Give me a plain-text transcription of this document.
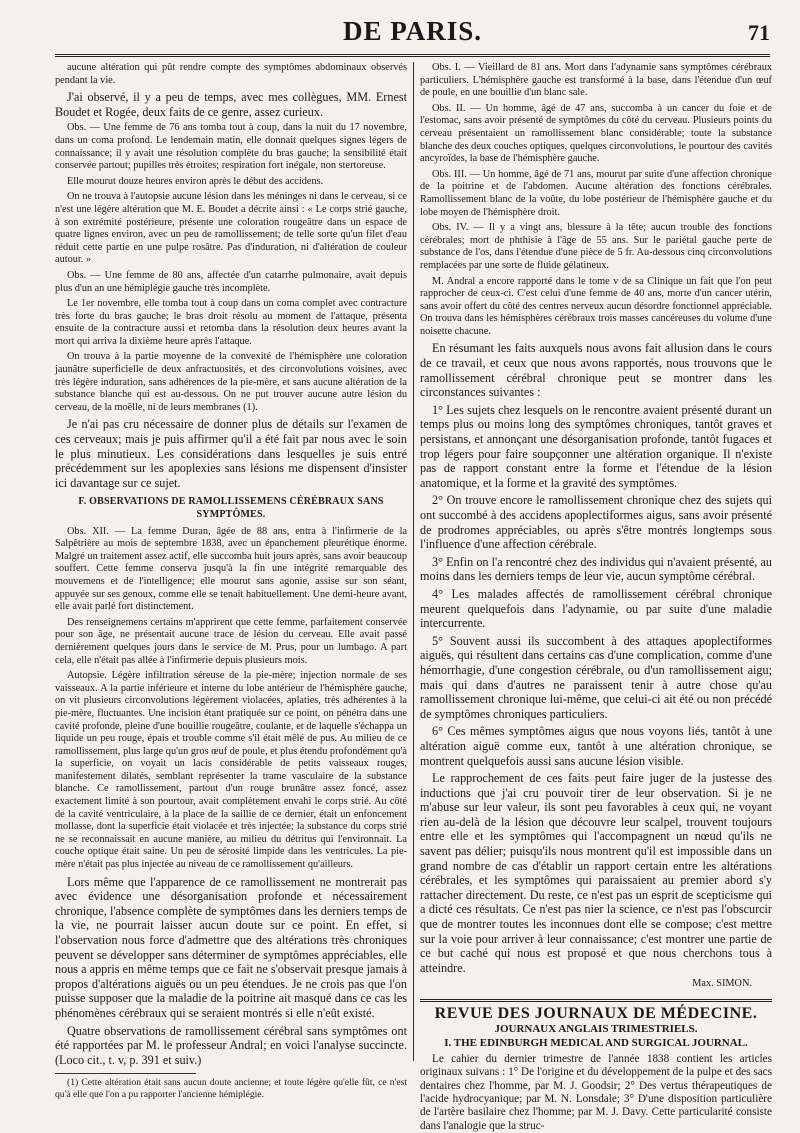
DE PARIS.	71

aucune altération qui pût rendre compte des symptômes abdominaux observés pendant la vie.

J'ai observé, il y a peu de temps, avec mes collègues, MM. Ernest Boudet et Rogée, deux faits de ce genre, assez curieux.

Obs. — Une femme de 76 ans tomba tout à coup, dans la nuit du 17 novembre, dans un coma profond. Le lendemain matin, elle donnait quelques signes légers de connaissance; il y avait une résolution complète du bras gauche; la sensibilité était conservée partout; pupilles très étroites; respiration fort inégale, non stertoreuse.

Elle mourut douze heures environ après le début des accidens.

On ne trouva à l'autopsie aucune lésion dans les méninges ni dans le cerveau, si ce n'est une légère altération que M. E. Boudet a décrite ainsi : « Le corps strié gauche, à son extrémité postérieure, présente une coloration rougeâtre dans un espace de quatre lignes environ, avec un peu de ramollissement; de telle sorte qu'un filet d'eau réduit cette partie en une pulpe rosâtre. Pas d'induration, ni d'altération de couleur autour. »

Obs. — Une femme de 80 ans, affectée d'un catarrhe pulmonaire, avait depuis plus d'un an une hémiplégie gauche très incomplète.

Le 1er novembre, elle tomba tout à coup dans un coma complet avec contracture très forte du bras gauche; le bras droit résolu au moment de l'attaque, présenta ensuite de la contracture aussi et retomba dans la résolution deux heures avant la mort qui arriva la dixième heure après l'attaque.

On trouva à la partie moyenne de la convexité de l'hémisphère une coloration jaunâtre superficielle de deux anfractuosités, et des circonvolutions voisines, avec très légère induration, sans adhérences de la pie-mère, et sans aucune altération de la substance blanche qui est au-dessous. On ne put trouver aucune autre lésion du cerveau, de la moëlle, ni de leurs membranes (1).

Je n'ai pas cru nécessaire de donner plus de détails sur l'examen de ces cerveaux; mais je puis affirmer qu'il a été fait par nous avec le soin le plus minutieux. Les considérations dans lesquelles je suis entré précédemment sur les apoplexies sans lésions me dispensent d'insister ici davantage sur ce sujet.

F. OBSERVATIONS DE RAMOLLISSEMENS CÉRÉBRAUX SANS SYMPTÔMES.

Obs. XII. — La femme Duran, âgée de 88 ans, entra à l'infirmerie de la Salpêtrière au mois de septembre 1838, avec un épanchement pleurétique énorme. Malgré un traitement assez actif, elle succomba huit jours après, sans avoir beaucoup souffert. Cette femme conserva jusqu'à la fin une intégrité remarquable des mouvemens et de l'intelligence; elle mourut sans agonie, assise sur son séant, appuyée sur ses genoux, comme elle se tenait habituellement. Une demi-heure avant, elle avait parlé fort distinctement.

Des renseignemens certains m'apprirent que cette femme, parfaitement conservée pour son âge, ne présentait aucune trace de lésion du cerveau. Elle avait passé dernièrement quelques jours dans le service de M. Prus, pour un lumbago. A part cela, elle n'était pas allée à l'infirmerie depuis plusieurs mois.

Autopsie. Légère infiltration séreuse de la pie-mère; injection normale de ses vaisseaux. A la partie inférieure et interne du lobe antérieur de l'hémisphère gauche, on vit plusieurs circonvolutions légèrement violacées, aplaties, très adhérentes à la pie-mère, fluctuantes. Une incision étant pratiquée sur ce point, on pénétra dans une cavité profonde, pleine d'une bouillie rougeâtre, coulante, et de laquelle s'échappa un liquide un peu rouge, épais et trouble comme s'il était mêlé de pus. Au milieu de ce ramollissement, plus large qu'un gros œuf de poule, et plus étendu profondément qu'à la superficie, on voyait un lacis considérable de petits vaisseaux rouges, manifestement dilatés, semblant représenter la trame vasculaire de la substance blanche. Ce ramollissement, partout d'un rouge brunâtre assez foncé, assez exactement limité à son pourtour, avait complètement envahi le corps strié. Au côté de la cavité ventriculaire, à la place de la saillie de ce dernier, était un enfoncement mollasse, dont la superficie était violacée et très injectée; la substance du corps strié ne se reconnaissait en aucune manière, au milieu du détritus qui l'environnait. La couche optique était saine. Un peu de sérosité limpide dans les ventricules. La pie-mère n'était pas plus injectée au niveau de ce ramollissement qu'ailleurs.

Lors même que l'apparence de ce ramollissement ne montrerait pas avec évidence une désorganisation profonde et nécessairement chronique, l'absence complète de symptômes dans les derniers temps de la vie, ne pourrait laisser aucun doute sur ce point. En effet, si l'observation nous force d'admettre que des altérations très chroniques peuvent se développer sans déterminer de symptômes appréciables, elle nous a appris en même temps que ce fait ne s'observait presque jamais à propos d'altérations aiguës ou un peu étendues. Je ne crois pas que l'on puisse supposer que la maladie de la poitrine ait masqué dans ce cas les phénomènes cérébraux qui se seraient montrés si elle n'eût existé.

Quatre observations de ramollissement cérébral sans symptômes ont été rapportées par M. le professeur Andral; en voici l'analyse succincte. (Loco cit., t. v, p. 391 et suiv.)

(1) Cette altération était sans aucun doute ancienne; et toute légère qu'elle fût, ce n'est qu'à elle que l'on a pu rapporter l'ancienne hémiplégie.

Obs. I. — Vieillard de 81 ans. Mort dans l'adynamie sans symptômes cérébraux particuliers. L'hémisphère gauche est transformé à la base, dans l'étendue d'un œuf de poule, en une bouillie d'un blanc sale.

Obs. II. — Un homme, âgé de 47 ans, succomba à un cancer du foie et de l'estomac, sans avoir présenté de symptômes du côté du cerveau. Plusieurs points du cerveau présentaient un ramollissement blanc considérable; toute la substance blanche des deux couches optiques, quelques circonvolutions, le pourtour des cavités ancyroïdes, la base de l'hémisphère gauche.

Obs. III. — Un homme, âgé de 71 ans, mourut par suite d'une affection chronique de la poitrine et de l'abdomen. Aucune altération des fonctions cérébrales. Ramollissement blanc de la voûte, du lobe postérieur de l'hémisphère gauche et du lobe moyen de l'hémisphère droit.

Obs. IV. — Il y a vingt ans, blessure à la tête; aucun trouble des fonctions cérébrales; mort de phthisie à l'âge de 55 ans. Sur le pariétal gauche perte de substance de l'os, dans l'étendue d'une pièce de 5 fr. Au-dessous cinq circonvolutions remplacées par une sorte de fluide gélatineux.

M. Andral a encore rapporté dans le tome v de sa Clinique un fait que l'on peut rapprocher de ceux-ci. C'est celui d'une femme de 40 ans, morte d'un cancer utérin, sans avoir offert du côté des centres nerveux aucun désordre fonctionnel appréciable. On trouva dans les hémisphères cérébraux trois masses cancéreuses du volume d'une noisette chacune.

En résumant les faits auxquels nous avons fait allusion dans le cours de ce travail, et ceux que nous avons rapportés, nous trouvons que le ramollissement cérébral chronique peut se montrer dans les circonstances suivantes :

1° Les sujets chez lesquels on le rencontre avaient présenté durant un temps plus ou moins long des symptômes chroniques, tantôt graves et persistans, et annonçant une désorganisation profonde, tantôt fugaces et trop légers pour faire soupçonner une altération organique. Il n'existe pas de rapport constant entre la forme et l'étendue de la lésion anatomique, et la forme et la gravité des symptômes.

2° On trouve encore le ramollissement chronique chez des sujets qui ont succombé à des accidens apoplectiformes aigus, sans avoir présenté de prodromes appréciables, ou après s'être montrés longtemps sous l'influence d'une affection cérébrale.

3° Enfin on l'a rencontré chez des individus qui n'avaient présenté, au moins dans les derniers temps de leur vie, aucun symptôme cérébral.

4° Les malades affectés de ramollissement cérébral chronique meurent quelquefois dans l'adynamie, ou par suite d'une maladie intercurrente.

5° Souvent aussi ils succombent à des attaques apoplectiformes aiguës, qui résultent dans certains cas d'une complication, comme d'une hémorrhagie, d'une congestion cérébrale, ou d'un ramollissement aigu; mais qui dans d'autres ne paraissent tenir à autre chose qu'au ramollissement chronique lui-même, que celui-ci ait été ou non précédé de symptômes chroniques particuliers.

6° Ces mêmes symptômes aigus que nous voyons liés, tantôt à une altération aiguë comme eux, tantôt à une altération chronique, se montrent quelquefois aussi sans aucune lésion visible.

Le rapprochement de ces faits peut faire juger de la justesse des inductions que j'ai cru pouvoir tirer de leur observation. Si je ne m'abuse sur leur valeur, ils sont peu favorables à ceux qui, ne voyant rien au-delà de la lésion que découvre leur scalpel, trouvent toujours entre elle et les symptômes qui l'accompagnent un nœud qu'ils ne savent pas délier; puisqu'ils nous montrent qu'il est impossible dans un grand nombre de cas d'établir un rapport certain entre les altérations cérébrales, et les symptômes qui paraissaient au premier abord s'y rattacher directement. Du reste, ce n'est pas un esprit de scepticisme qui a dicté ces résultats. Ce n'est pas nier la science, ce n'est pas l'obscurcir que de montrer toutes les inconnues dont elle se compose; c'est mettre sur la voie pour arriver à leur connaissance; c'est montrer une partie de ce but caché qui nous est proposé et que nous cherchons tous à atteindre.

Max. SIMON.

REVUE DES JOURNAUX DE MÉDECINE.
JOURNAUX ANGLAIS TRIMESTRIELS.
I. THE EDINBURGH MEDICAL AND SURGICAL JOURNAL.

Le cahier du dernier trimestre de l'année 1838 contient les articles originaux suivans : 1° De l'origine et du développement de la pulpe et des sacs dentaires chez l'homme, par M. J. Goodsir; 2° Des vertus thérapeutiques de l'acide hydrocyanique; par M. N. Lonsdale; 3° D'une disposition particulière de l'artère basilaire chez l'homme; par M. J. Davy. Cette particularité consiste dans l'analogie que la struc-
